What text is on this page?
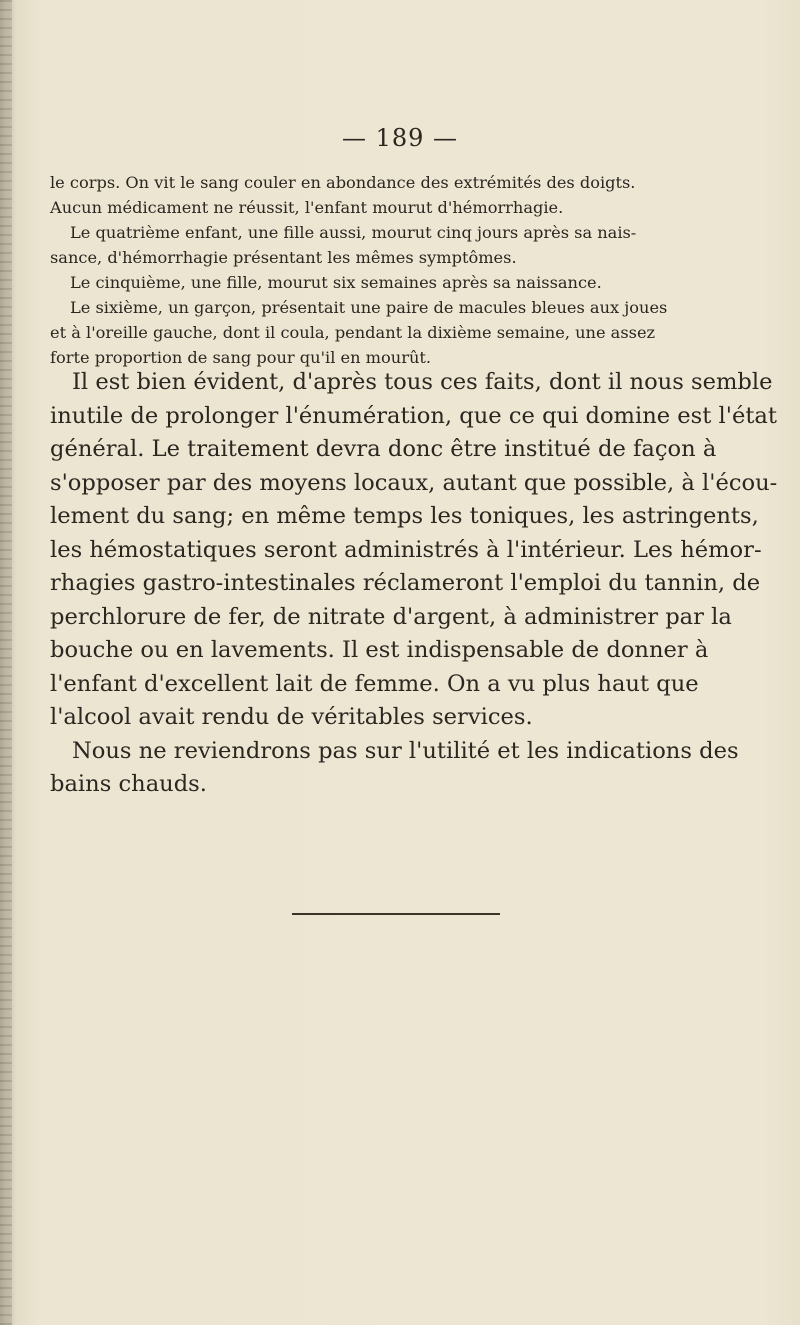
— 189 —
le corps. On vit le sang couler en abondance des extrémités des doigts.
Aucun médicament ne réussit, l'enfant mourut d'hémorrhagie.
Le quatrième enfant, une fille aussi, mourut cinq jours après sa nais-
sance, d'hémorrhagie présentant les mêmes symptômes.
Le cinquième, une fille, mourut six semaines après sa naissance.
Le sixième, un garçon, présentait une paire de macules bleues aux joues
et à l'oreille gauche, dont il coula, pendant la dixième semaine, une assez
forte proportion de sang pour qu'il en mourût.
Il est bien évident, d'après tous ces faits, dont il nous semble
inutile de prolonger l'énumération, que ce qui domine est l'état
général. Le traitement devra donc être institué de façon à
s'opposer par des moyens locaux, autant que possible, à l'écou-
lement du sang; en même temps les toniques, les astringents,
les hémostatiques seront administrés à l'intérieur. Les hémor-
rhagies gastro-intestinales réclameront l'emploi du tannin, de
perchlorure de fer, de nitrate d'argent, à administrer par la
bouche ou en lavements. Il est indispensable de donner à
l'enfant d'excellent lait de femme. On a vu plus haut que
l'alcool avait rendu de véritables services.
Nous ne reviendrons pas sur l'utilité et les indications des
bains chauds.
